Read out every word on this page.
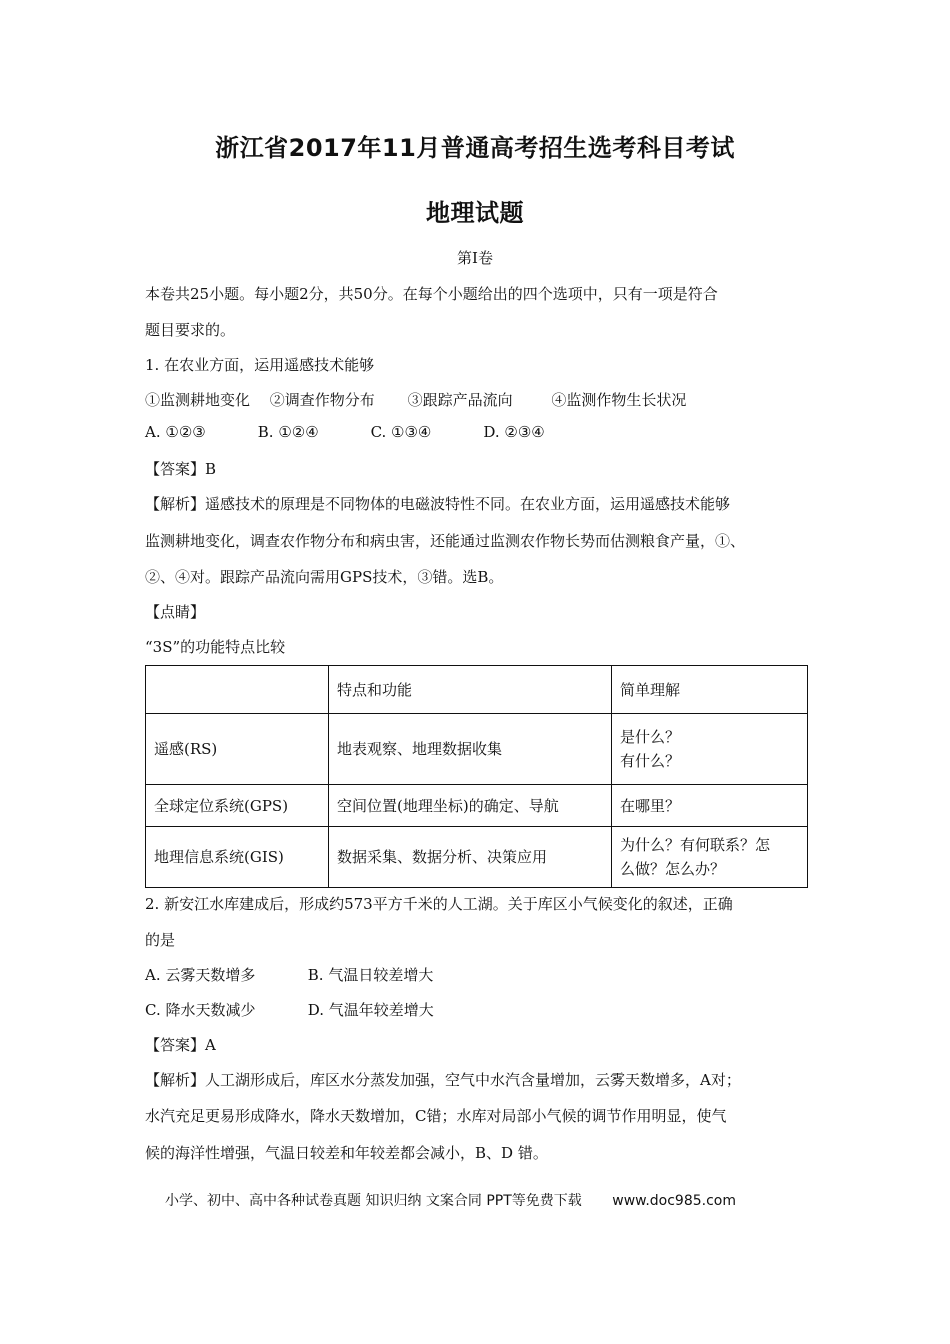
浙江省2017年11月普通高考招生选考科目考试
地理试题
第Ⅰ卷
本卷共25小题。每小题2分，共50分。在每个小题给出的四个选项中，只有一项是符合
题目要求的。
1. 在农业方面，运用遥感技术能够
①监测耕地变化 ②调查作物分布 ③跟踪产品流向	④监测作物生长状况
A. ①②③	B. ①②④	C. ①③④	D. ②③④
【答案】B
【解析】遥感技术的原理是不同物体的电磁波特性不同。在农业方面，运用遥感技术能够
监测耕地变化，调查农作物分布和病虫害，还能通过监测农作物长势而估测粮食产量，①、
②、④对。跟踪产品流向需用GPS技术，③错。选B。
【点睛】
“3S”的功能特点比较
	特点和功能	简单理解
遥感(RS)	地表观察、地理数据收集	是什么？
有什么？

全球定位系统(GPS)	空间位置(地理坐标)的确定、导航	在哪里？
地理信息系统(GIS)	数据采集、数据分析、决策应用	为什么？有何联系？怎
么做？怎么办？
2. 新安江水库建成后，形成约573平方千米的人工湖。关于库区小气候变化的叙述，正确
的是
A. 云雾天数增多	B. 气温日较差增大
C. 降水天数减少	D. 气温年较差增大
【答案】A
【解析】人工湖形成后，库区水分蒸发加强，空气中水汽含量增加，云雾天数增多，A对；
水汽充足更易形成降水，降水天数增加，C错；水库对局部小气候的调节作用明显，使气
候的海洋性增强，气温日较差和年较差都会减小，B、D 错。
小学、初中、高中各种试卷真题 知识归纳 文案合同 PPT等免费下载 www.doc985.com
